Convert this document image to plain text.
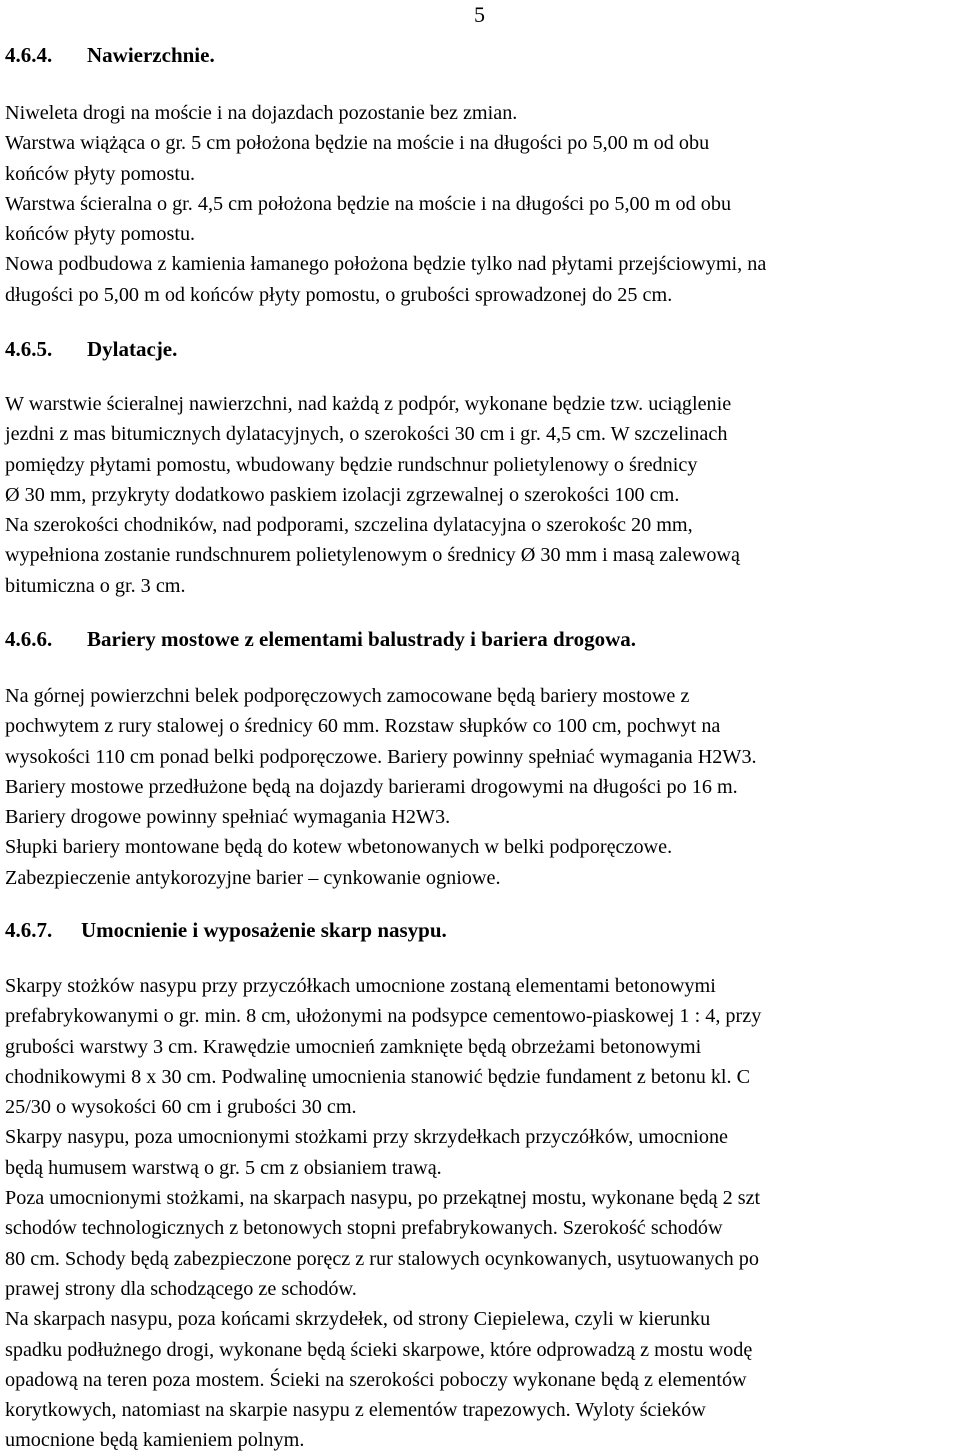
5
4.6.4. Nawierzchnie.

Niweleta drogi na moście i na dojazdach pozostanie bez zmian.
Warstwa wiążąca o gr. 5 cm położona będzie na moście i na długości po 5,00 m od obu
końców płyty pomostu.
Warstwa ścieralna o gr. 4,5 cm położona będzie na moście i na długości po 5,00 m od obu
końców płyty pomostu.
Nowa podbudowa z kamienia łamanego położona będzie tylko nad płytami przejściowymi, na
długości po 5,00 m od końców płyty pomostu, o grubości sprowadzonej do 25 cm.

4.6.5. Dylatacje.

W warstwie ścieralnej nawierzchni, nad każdą z podpór, wykonane będzie tzw. uciąglenie
jezdni z mas bitumicznych dylatacyjnych, o szerokości 30 cm i gr. 4,5 cm. W szczelinach
pomiędzy płytami pomostu, wbudowany będzie rundschnur polietylenowy o średnicy
Ø 30 mm, przykryty dodatkowo paskiem izolacji zgrzewalnej o szerokości 100 cm.
Na szerokości chodników, nad podporami, szczelina dylatacyjna o szerokośc 20 mm,
wypełniona zostanie rundschnurem polietylenowym o średnicy Ø 30 mm i masą zalewową
bitumiczna o gr. 3 cm.

4.6.6. Bariery mostowe z elementami balustrady i bariera drogowa.

Na górnej powierzchni belek podporęczowych zamocowane będą bariery mostowe z
pochwytem z rury stalowej o średnicy 60 mm. Rozstaw słupków co 100 cm, pochwyt na
wysokości 110 cm ponad belki podporęczowe. Bariery powinny spełniać wymagania H2W3.
Bariery mostowe przedłużone będą na dojazdy barierami drogowymi na długości po 16 m.
Bariery drogowe powinny spełniać wymagania H2W3.
Słupki bariery montowane będą do kotew wbetonowanych w belki podporęczowe.
Zabezpieczenie antykorozyjne barier – cynkowanie ogniowe.

4.6.7. Umocnienie i wyposażenie skarp nasypu.

Skarpy stożków nasypu przy przyczółkach umocnione zostaną elementami betonowymi
prefabrykowanymi o gr. min. 8 cm, ułożonymi na podsypce cementowo-piaskowej 1 : 4, przy
grubości warstwy 3 cm. Krawędzie umocnień zamknięte będą obrzeżami betonowymi
chodnikowymi 8 x 30 cm. Podwalinę umocnienia stanowić będzie fundament z betonu kl. C
25/30 o wysokości 60 cm i grubości 30 cm.
Skarpy nasypu, poza umocnionymi stożkami przy skrzydełkach przyczółków, umocnione
będą humusem warstwą o gr. 5 cm z obsianiem trawą.
Poza umocnionymi stożkami, na skarpach nasypu, po przekątnej mostu, wykonane będą 2 szt
schodów technologicznych z betonowych stopni prefabrykowanych. Szerokość schodów
80 cm. Schody będą zabezpieczone poręcz z rur stalowych ocynkowanych, usytuowanych po
prawej strony dla schodzącego ze schodów.
Na skarpach nasypu, poza końcami skrzydełek, od strony Ciepielewa, czyli w kierunku
spadku podłużnego drogi, wykonane będą ścieki skarpowe, które odprowadzą z mostu wodę
opadową na teren poza mostem. Ścieki na szerokości poboczy wykonane będą z elementów
korytkowych, natomiast na skarpie nasypu z elementów trapezowych. Wyloty ścieków
umocnione będą kamieniem polnym.
